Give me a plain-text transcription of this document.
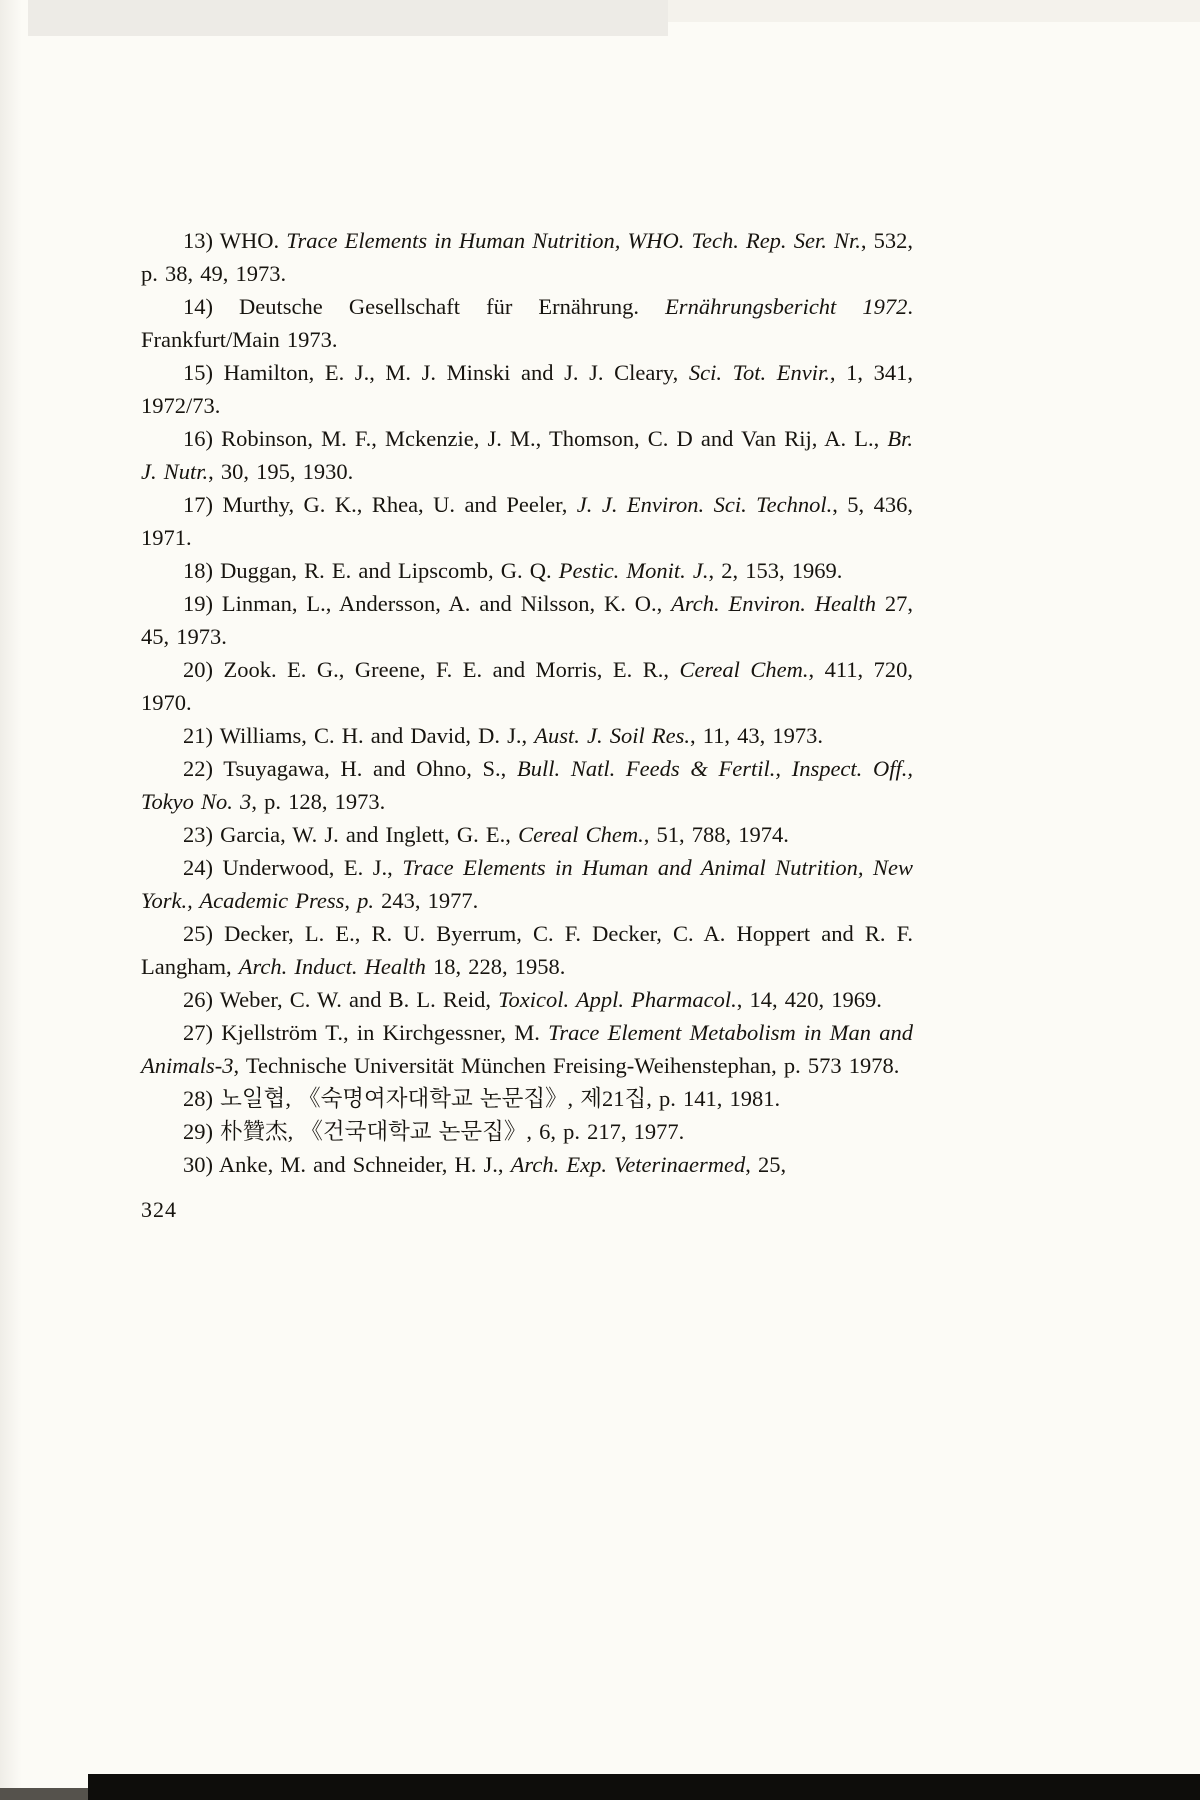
13) WHO. Trace Elements in Human Nutrition, WHO. Tech. Rep. Ser. Nr., 532, p. 38, 49, 1973.

14) Deutsche Gesellschaft für Ernährung. Ernährungsbericht 1972. Frankfurt/Main 1973.

15) Hamilton, E. J., M. J. Minski and J. J. Cleary, Sci. Tot. Envir., 1, 341, 1972/73.

16) Robinson, M. F., Mckenzie, J. M., Thomson, C. D and Van Rij, A. L., Br. J. Nutr., 30, 195, 1930.

17) Murthy, G. K., Rhea, U. and Peeler, J. J. Environ. Sci. Technol., 5, 436, 1971.

18) Duggan, R. E. and Lipscomb, G. Q. Pestic. Monit. J., 2, 153, 1969.

19) Linman, L., Andersson, A. and Nilsson, K. O., Arch. Environ. Health 27, 45, 1973.

20) Zook. E. G., Greene, F. E. and Morris, E. R., Cereal Chem., 411, 720, 1970.

21) Williams, C. H. and David, D. J., Aust. J. Soil Res., 11, 43, 1973.

22) Tsuyagawa, H. and Ohno, S., Bull. Natl. Feeds & Fertil., Inspect. Off., Tokyo No. 3, p. 128, 1973.

23) Garcia, W. J. and Inglett, G. E., Cereal Chem., 51, 788, 1974.

24) Underwood, E. J., Trace Elements in Human and Animal Nutrition, New York., Academic Press, p. 243, 1977.

25) Decker, L. E., R. U. Byerrum, C. F. Decker, C. A. Hoppert and R. F. Langham, Arch. Induct. Health 18, 228, 1958.

26) Weber, C. W. and B. L. Reid, Toxicol. Appl. Pharmacol., 14, 420, 1969.

27) Kjellström T., in Kirchgessner, M. Trace Element Metabolism in Man and Animals-3, Technische Universität München Freising-Weihenstephan, p. 573 1978.

28) 노일협, 《숙명여자대학교 논문집》, 제21집, p. 141, 1981.

29) 朴贊杰, 《건국대학교 논문집》, 6, p. 217, 1977.

30) Anke, M. and Schneider, H. J., Arch. Exp. Veterinaermed, 25,

324
